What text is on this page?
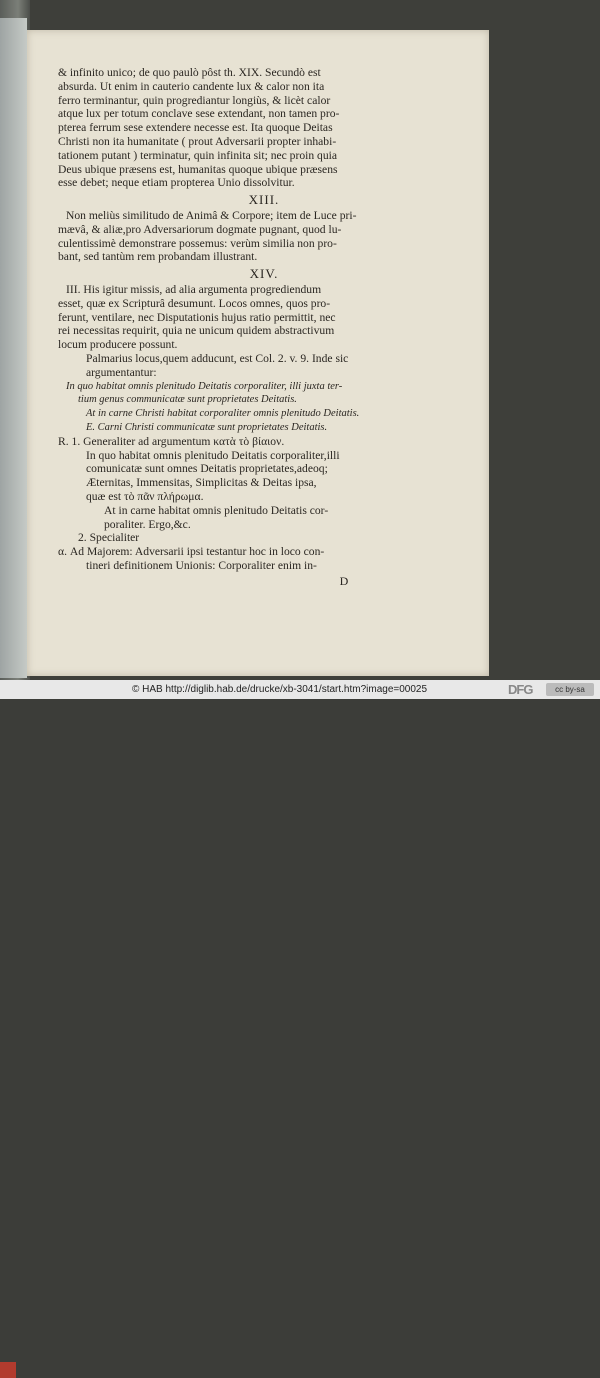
& infinito unico; de quo paulò pôst th. XIX. Secundò est
absurda. Ut enim in cauterio candente lux & calor non ita
ferro terminantur, quin progrediantur longiùs, & licèt calor
atque lux per totum conclave sese extendant, non tamen pro-
pterea ferrum sese extendere necesse est. Ita quoque Deitas
Christi non ita humanitate ( prout Adversarii propter inhabi-
tationem putant ) terminatur, quin infinita sit; nec proin quia
Deus ubique præsens est, humanitas quoque ubique præsens
esse debet; neque etiam propterea Unio dissolvitur.
XIII.
Non meliùs similitudo de Animâ & Corpore; item de Luce pri-
mævâ, & aliæ,pro Adversariorum dogmate pugnant, quod lu-
culentissimè demonstrare possemus: verùm similia non pro-
bant, sed tantùm rem probandam illustrant.
XIV.
III. His igitur missis, ad alia argumenta progrediendum
esset, quæ ex Scripturâ desumunt. Locos omnes, quos pro-
ferunt, ventilare, nec Disputationis hujus ratio permittit, nec
rei necessitas requirit, quia ne unicum quidem abstractivum
locum producere possunt.
Palmarius locus,quem adducunt, est Col. 2. v. 9. Inde sic
argumentantur:
In quo habitat omnis plenitudo Deitatis corporaliter, illi juxta ter-
tium genus communicatæ sunt proprietates Deitatis.
At in carne Christi habitat corporaliter omnis plenitudo Deitatis.
E. Carni Christi communicatæ sunt proprietates Deitatis.
R. 1. Generaliter ad argumentum κατὰ τὸ βίαιον.
In quo habitat omnis plenitudo Deitatis corporaliter,illi
comunicatæ sunt omnes Deitatis proprietates,adeoq;
Æternitas, Immensitas, Simplicitas & Deitas ipsa,
quæ est τὸ πᾶν πλήρωμα.
At in carne habitat omnis plenitudo Deitatis cor-
poraliter. Ergo,&c.
2. Specialiter
α. Ad Majorem: Adversarii ipsi testantur hoc in loco con-
tineri definitionem Unionis: Corporaliter enim in-
D
© HAB http://diglib.hab.de/drucke/xb-3041/start.htm?image=00025	DFG	cc by-sa
